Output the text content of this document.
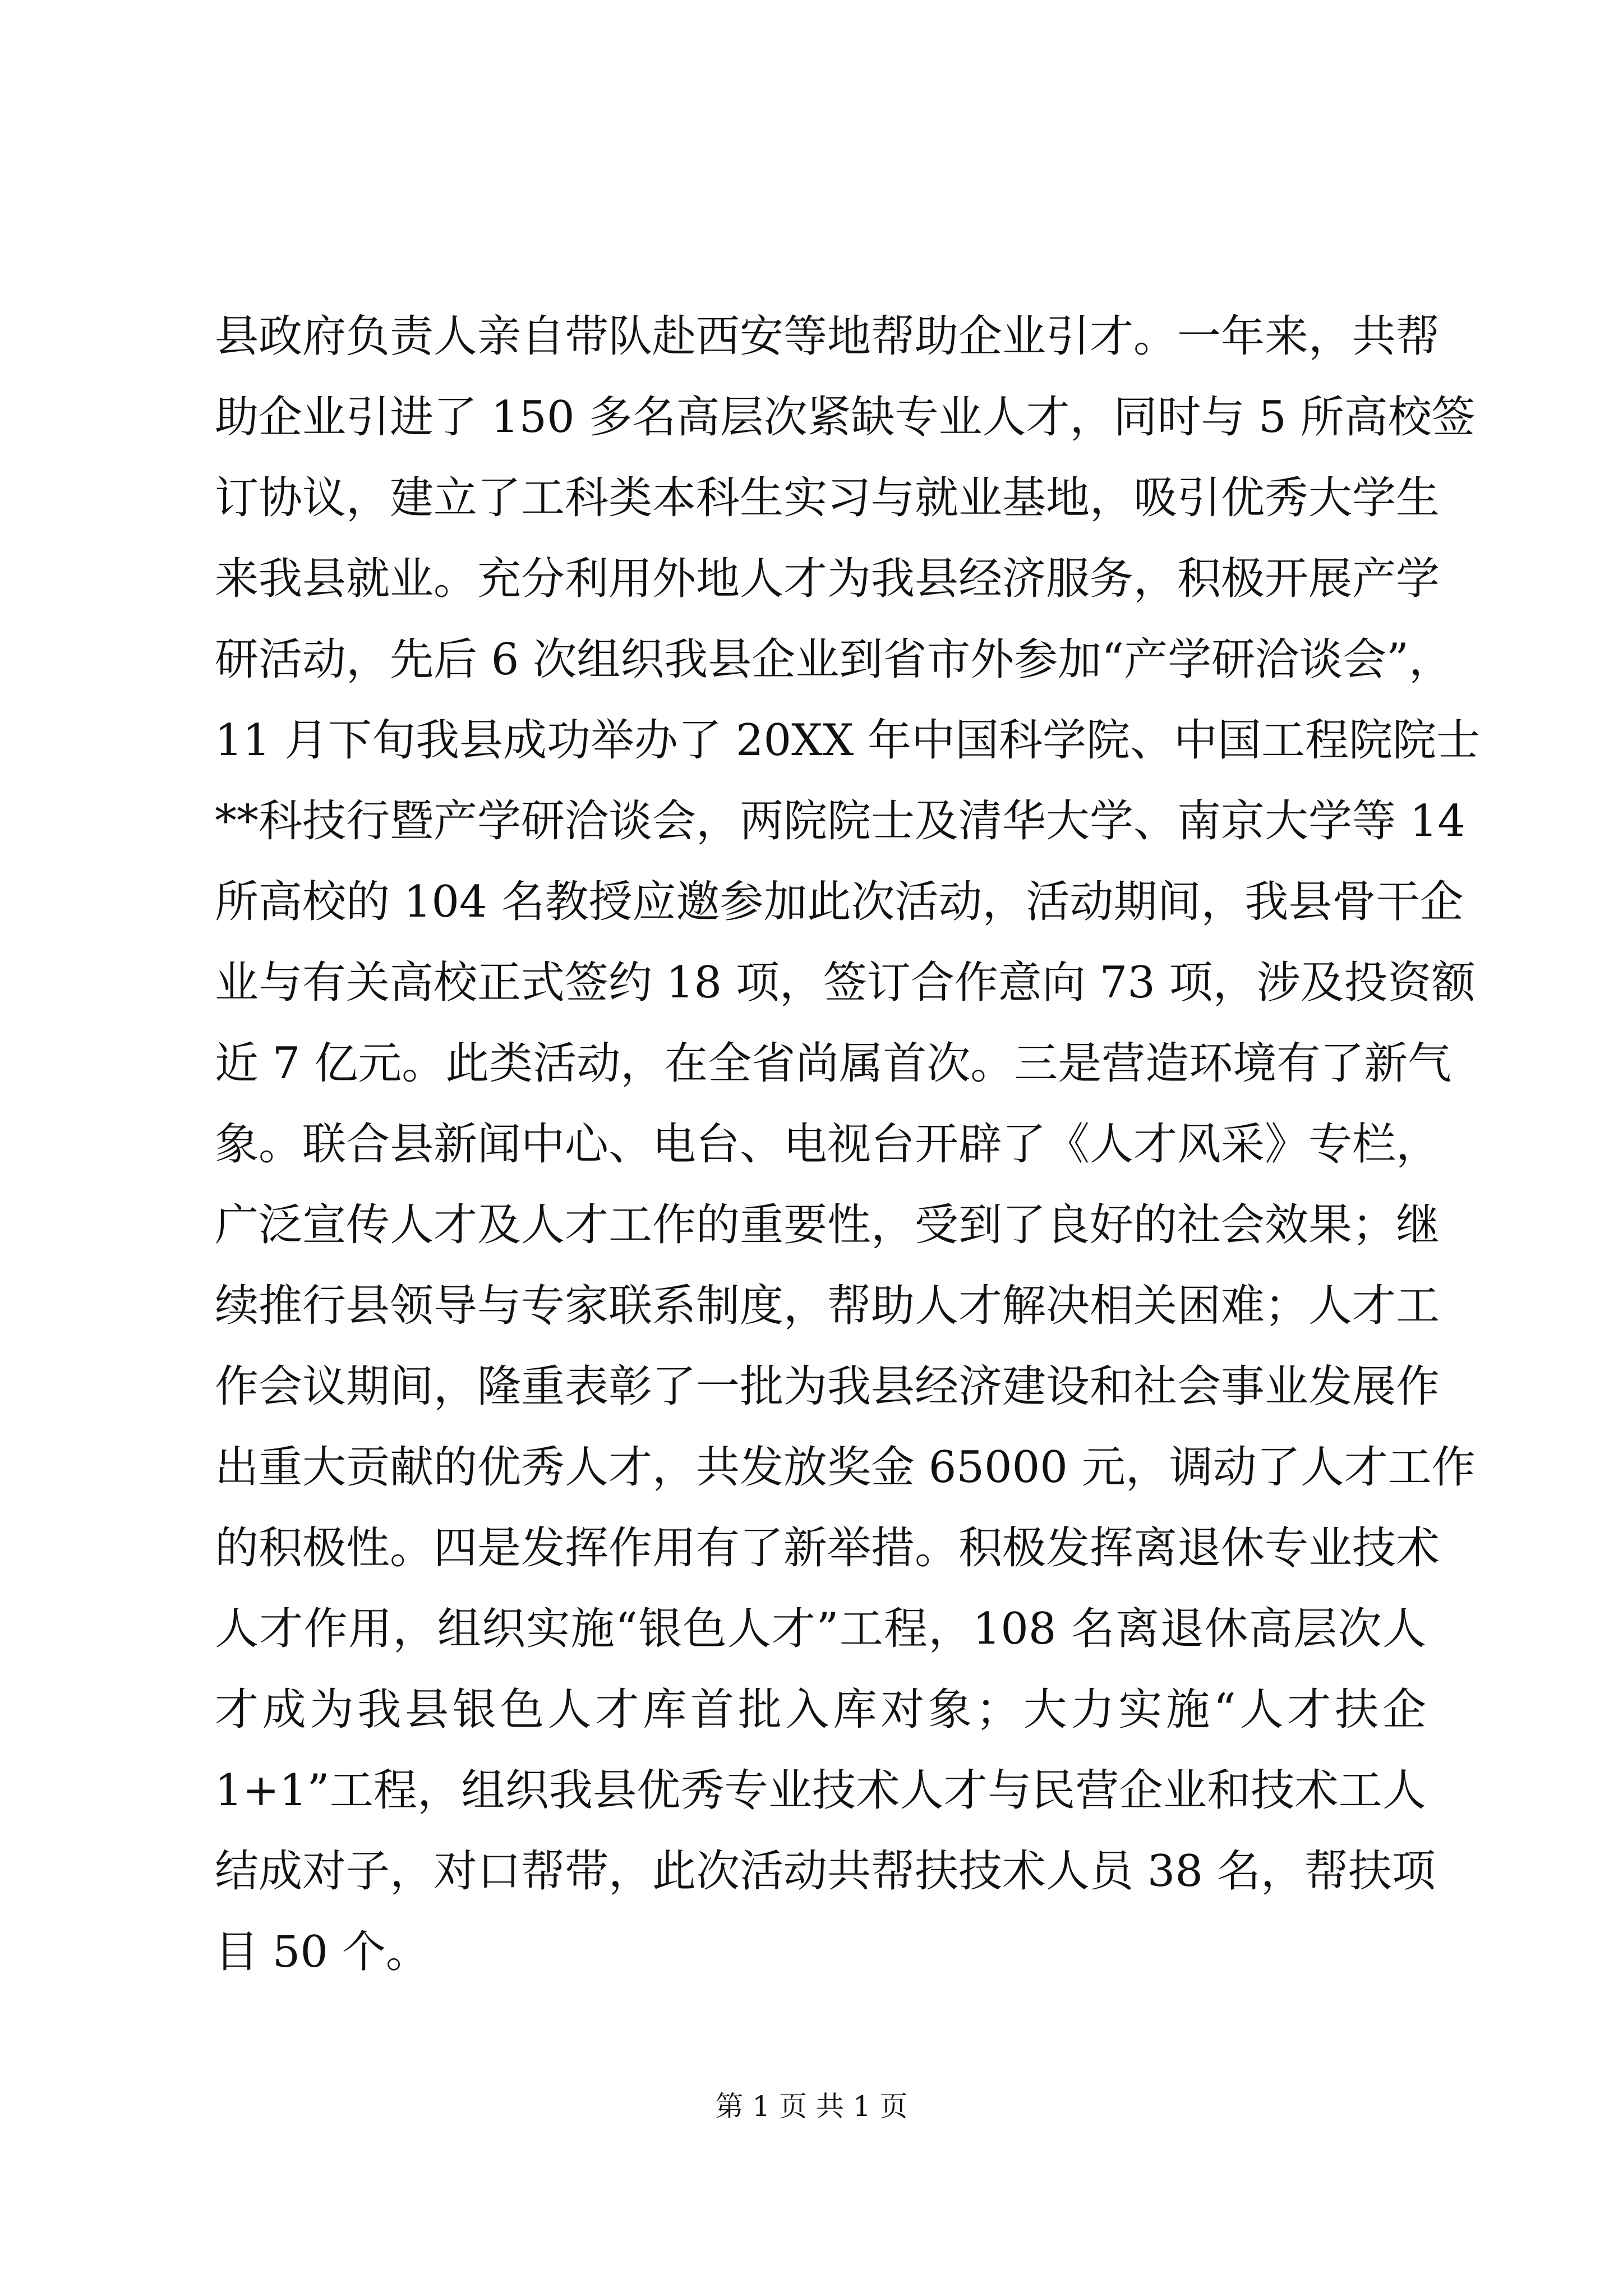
县政府负责人亲自带队赴西安等地帮助企业引才。一年来，共帮
助企业引进了 150 多名高层次紧缺专业人才，同时与 5 所高校签
订协议，建立了工科类本科生实习与就业基地，吸引优秀大学生
来我县就业。充分利用外地人才为我县经济服务，积极开展产学
研活动，先后 6 次组织我县企业到省市外参加“产学研洽谈会”，
11 月下旬我县成功举办了 20XX 年中国科学院、中国工程院院士
**科技行暨产学研洽谈会，两院院士及清华大学、南京大学等 14
所高校的 104 名教授应邀参加此次活动，活动期间，我县骨干企
业与有关高校正式签约 18 项，签订合作意向 73 项，涉及投资额
近 7 亿元。此类活动，在全省尚属首次。三是营造环境有了新气
象。联合县新闻中心、电台、电视台开辟了《人才风采》专栏，
广泛宣传人才及人才工作的重要性，受到了良好的社会效果；继
续推行县领导与专家联系制度，帮助人才解决相关困难；人才工
作会议期间，隆重表彰了一批为我县经济建设和社会事业发展作
出重大贡献的优秀人才，共发放奖金 65000 元，调动了人才工作
的积极性。四是发挥作用有了新举措。积极发挥离退休专业技术
人才作用，组织实施“银色人才”工程，108 名离退休高层次人
才成为我县银色人才库首批入库对象；大力实施“人才扶企
1+1”工程，组织我县优秀专业技术人才与民营企业和技术工人
结成对子，对口帮带，此次活动共帮扶技术人员 38 名，帮扶项
目 50 个。
第 1 页 共 1 页
